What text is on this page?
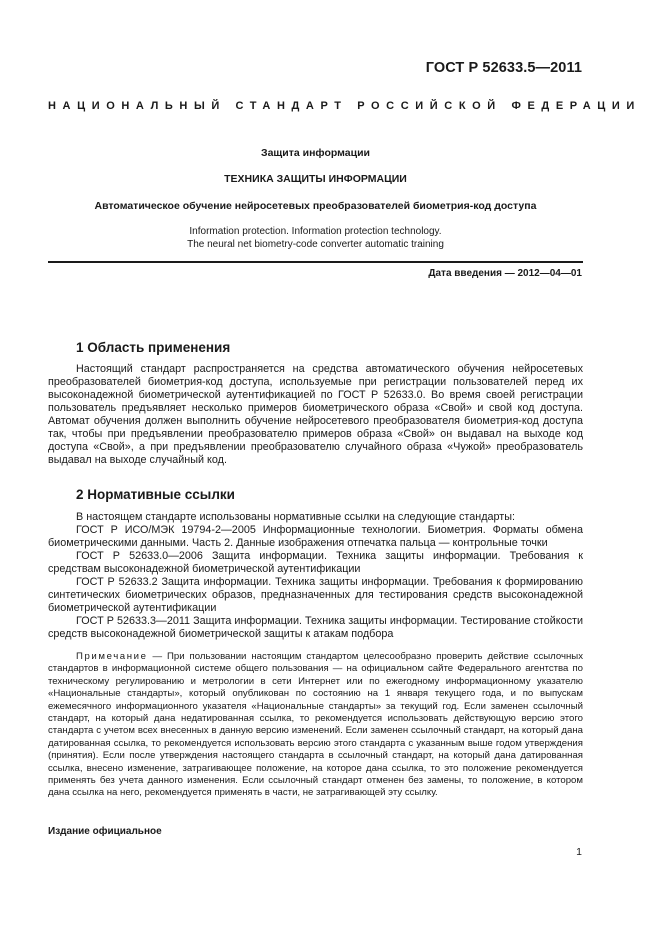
ГОСТ Р 52633.5—2011
НАЦИОНАЛЬНЫЙ СТАНДАРТ РОССИЙСКОЙ ФЕДЕРАЦИИ
Защита информации
ТЕХНИКА ЗАЩИТЫ ИНФОРМАЦИИ
Автоматическое обучение нейросетевых преобразователей биометрия-код доступа
Information protection. Information protection technology.
The neural net biometry-code converter automatic training
Дата введения — 2012—04—01
1 Область применения

Настоящий стандарт распространяется на средства автоматического обучения нейросетевых преобразователей биометрия-код доступа, используемые при регистрации пользователей перед их высоконадежной биометрической аутентификацией по ГОСТ Р 52633.0. Во время своей регистрации пользователь предъявляет несколько примеров биометрического образа «Свой» и свой код доступа. Автомат обучения должен выполнить обучение нейросетевого преобразователя биометрия-код доступа так, чтобы при предъявлении преобразователю примеров образа «Свой» он выдавал на выходе код доступа «Свой», а при предъявлении преобразователю случайного образа «Чужой» преобразователь выдавал на выходе случайный код.

2 Нормативные ссылки

В настоящем стандарте использованы нормативные ссылки на следующие стандарты:

ГОСТ Р ИСО/МЭК 19794-2—2005 Информационные технологии. Биометрия. Форматы обмена биометрическими данными. Часть 2. Данные изображения отпечатка пальца — контрольные точки

ГОСТ Р 52633.0—2006 Защита информации. Техника защиты информации. Требования к средствам высоконадежной биометрической аутентификации

ГОСТ Р 52633.2 Защита информации. Техника защиты информации. Требования к формированию синтетических биометрических образов, предназначенных для тестирования средств высоконадежной биометрической аутентификации

ГОСТ Р 52633.3—2011 Защита информации. Техника защиты информации. Тестирование стойкости средств высоконадежной биометрической защиты к атакам подбора

Примечание — При пользовании настоящим стандартом целесообразно проверить действие ссылочных стандартов в информационной системе общего пользования — на официальном сайте Федерального агентства по техническому регулированию и метрологии в сети Интернет или по ежегодному информационному указателю «Национальные стандарты», который опубликован по состоянию на 1 января текущего года, и по выпускам ежемесячного информационного указателя «Национальные стандарты» за текущий год. Если заменен ссылочный стандарт, на который дана недатированная ссылка, то рекомендуется использовать действующую версию этого стандарта с учетом всех внесенных в данную версию изменений. Если заменен ссылочный стандарт, на который дана датированная ссылка, то рекомендуется использовать версию этого стандарта с указанным выше годом утверждения (принятия). Если после утверждения настоящего стандарта в ссылочный стандарт, на который дана датированная ссылка, внесено изменение, затрагивающее положение, на которое дана ссылка, то это положение рекомендуется применять без учета данного изменения. Если ссылочный стандарт отменен без замены, то положение, в котором дана ссылка на него, рекомендуется применять в части, не затрагивающей эту ссылку.
Издание официальное
1
